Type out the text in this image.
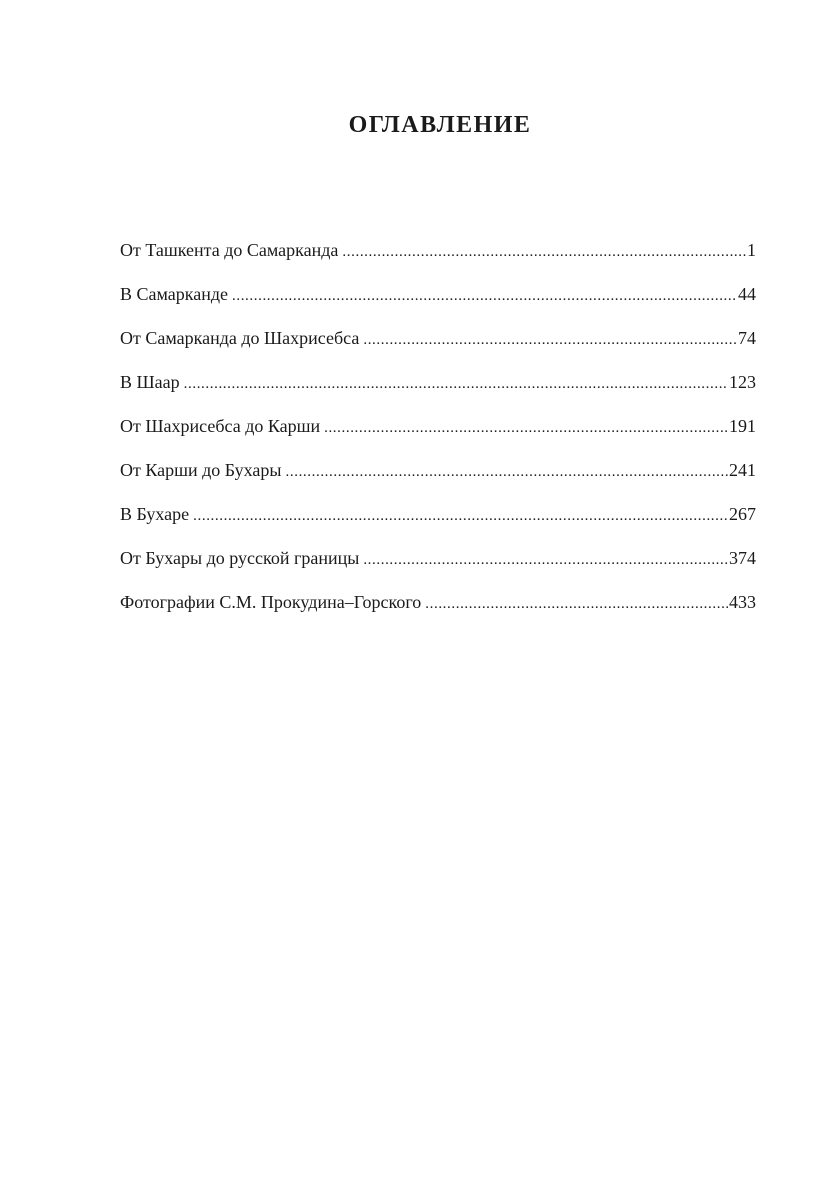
ОГЛАВЛЕНИЕ
От Ташкента до Самарканда .....	1
В Самарканде .....	44
От Самарканда до Шахрисебса .....	74
В Шаар .....	123
От Шахрисебса до Карши .....	191
От Карши до Бухары .....	241
В Бухаре .....	267
От Бухары до русской границы .....	374
Фотографии С.М. Прокудина–Горского .....	433
